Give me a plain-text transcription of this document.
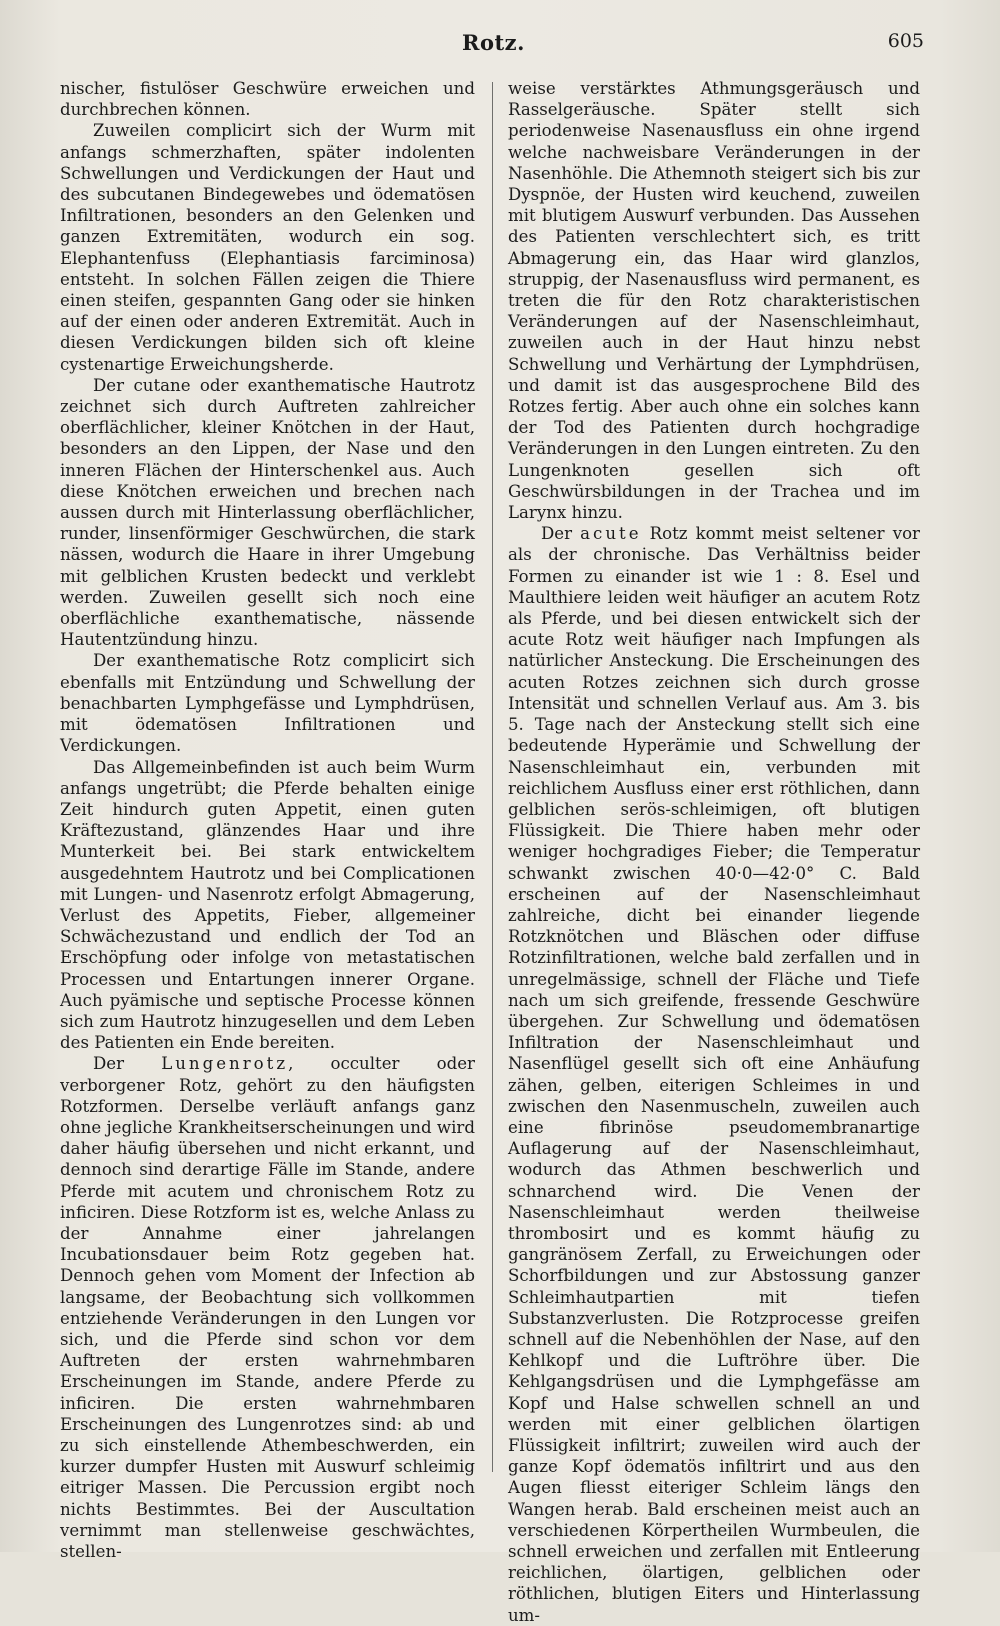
Rotz.	605

nischer, fistulöser Geschwüre erweichen und durchbrechen können.

Zuweilen complicirt sich der Wurm mit anfangs schmerzhaften, später indolenten Schwellungen und Verdickungen der Haut und des subcutanen Bindegewebes und ödematösen Infiltrationen, besonders an den Gelenken und ganzen Extremitäten, wodurch ein sog. Elephantenfuss (Elephantiasis farciminosa) entsteht. In solchen Fällen zeigen die Thiere einen steifen, gespannten Gang oder sie hinken auf der einen oder anderen Extremität. Auch in diesen Verdickungen bilden sich oft kleine cystenartige Erweichungsherde.

Der cutane oder exanthematische Hautrotz zeichnet sich durch Auftreten zahlreicher oberflächlicher, kleiner Knötchen in der Haut, besonders an den Lippen, der Nase und den inneren Flächen der Hinterschenkel aus. Auch diese Knötchen erweichen und brechen nach aussen durch mit Hinterlassung oberflächlicher, runder, linsenförmiger Geschwürchen, die stark nässen, wodurch die Haare in ihrer Umgebung mit gelblichen Krusten bedeckt und verklebt werden. Zuweilen gesellt sich noch eine oberflächliche exanthematische, nässende Hautentzündung hinzu.

Der exanthematische Rotz complicirt sich ebenfalls mit Entzündung und Schwellung der benachbarten Lymphgefässe und Lymphdrüsen, mit ödematösen Infiltrationen und Verdickungen.

Das Allgemeinbefinden ist auch beim Wurm anfangs ungetrübt; die Pferde behalten einige Zeit hindurch guten Appetit, einen guten Kräftezustand, glänzendes Haar und ihre Munterkeit bei. Bei stark entwickeltem ausgedehntem Hautrotz und bei Complicationen mit Lungen- und Nasenrotz erfolgt Abmagerung, Verlust des Appetits, Fieber, allgemeiner Schwächezustand und endlich der Tod an Erschöpfung oder infolge von metastatischen Processen und Entartungen innerer Organe. Auch pyämische und septische Processe können sich zum Hautrotz hinzugesellen und dem Leben des Patienten ein Ende bereiten.

Der Lungenrotz, occulter oder verborgener Rotz, gehört zu den häufigsten Rotzformen. Derselbe verläuft anfangs ganz ohne jegliche Krankheitserscheinungen und wird daher häufig übersehen und nicht erkannt, und dennoch sind derartige Fälle im Stande, andere Pferde mit acutem und chronischem Rotz zu inficiren. Diese Rotzform ist es, welche Anlass zu der Annahme einer jahrelangen Incubationsdauer beim Rotz gegeben hat. Dennoch gehen vom Moment der Infection ab langsame, der Beobachtung sich vollkommen entziehende Veränderungen in den Lungen vor sich, und die Pferde sind schon vor dem Auftreten der ersten wahrnehmbaren Erscheinungen im Stande, andere Pferde zu inficiren. Die ersten wahrnehmbaren Erscheinungen des Lungenrotzes sind: ab und zu sich einstellende Athembeschwerden, ein kurzer dumpfer Husten mit Auswurf schleimig eitriger Massen. Die Percussion ergibt noch nichts Bestimmtes. Bei der Auscultation vernimmt man stellenweise geschwächtes, stellen-

weise verstärktes Athmungsgeräusch und Rasselgeräusche. Später stellt sich periodenweise Nasenausfluss ein ohne irgend welche nachweisbare Veränderungen in der Nasenhöhle. Die Athemnoth steigert sich bis zur Dyspnöe, der Husten wird keuchend, zuweilen mit blutigem Auswurf verbunden. Das Aussehen des Patienten verschlechtert sich, es tritt Abmagerung ein, das Haar wird glanzlos, struppig, der Nasenausfluss wird permanent, es treten die für den Rotz charakteristischen Veränderungen auf der Nasenschleimhaut, zuweilen auch in der Haut hinzu nebst Schwellung und Verhärtung der Lymphdrüsen, und damit ist das ausgesprochene Bild des Rotzes fertig. Aber auch ohne ein solches kann der Tod des Patienten durch hochgradige Veränderungen in den Lungen eintreten. Zu den Lungenknoten gesellen sich oft Geschwürsbildungen in der Trachea und im Larynx hinzu.

Der acute Rotz kommt meist seltener vor als der chronische. Das Verhältniss beider Formen zu einander ist wie 1 : 8. Esel und Maulthiere leiden weit häufiger an acutem Rotz als Pferde, und bei diesen entwickelt sich der acute Rotz weit häufiger nach Impfungen als natürlicher Ansteckung. Die Erscheinungen des acuten Rotzes zeichnen sich durch grosse Intensität und schnellen Verlauf aus. Am 3. bis 5. Tage nach der Ansteckung stellt sich eine bedeutende Hyperämie und Schwellung der Nasenschleimhaut ein, verbunden mit reichlichem Ausfluss einer erst röthlichen, dann gelblichen serös-schleimigen, oft blutigen Flüssigkeit. Die Thiere haben mehr oder weniger hochgradiges Fieber; die Temperatur schwankt zwischen 40·0—42·0° C. Bald erscheinen auf der Nasenschleimhaut zahlreiche, dicht bei einander liegende Rotzknötchen und Bläschen oder diffuse Rotzinfiltrationen, welche bald zerfallen und in unregelmässige, schnell der Fläche und Tiefe nach um sich greifende, fressende Geschwüre übergehen. Zur Schwellung und ödematösen Infiltration der Nasenschleimhaut und Nasenflügel gesellt sich oft eine Anhäufung zähen, gelben, eiterigen Schleimes in und zwischen den Nasenmuscheln, zuweilen auch eine fibrinöse pseudomembranartige Auflagerung auf der Nasenschleimhaut, wodurch das Athmen beschwerlich und schnarchend wird. Die Venen der Nasenschleimhaut werden theilweise thrombosirt und es kommt häufig zu gangränösem Zerfall, zu Erweichungen oder Schorfbildungen und zur Abstossung ganzer Schleimhautpartien mit tiefen Substanzverlusten. Die Rotzprocesse greifen schnell auf die Nebenhöhlen der Nase, auf den Kehlkopf und die Luftröhre über. Die Kehlgangsdrüsen und die Lymphgefässe am Kopf und Halse schwellen schnell an und werden mit einer gelblichen ölartigen Flüssigkeit infiltrirt; zuweilen wird auch der ganze Kopf ödematös infiltrirt und aus den Augen fliesst eiteriger Schleim längs den Wangen herab. Bald erscheinen meist auch an verschiedenen Körpertheilen Wurmbeulen, die schnell erweichen und zerfallen mit Entleerung reichlichen, ölartigen, gelblichen oder röthlichen, blutigen Eiters und Hinterlassung um-
